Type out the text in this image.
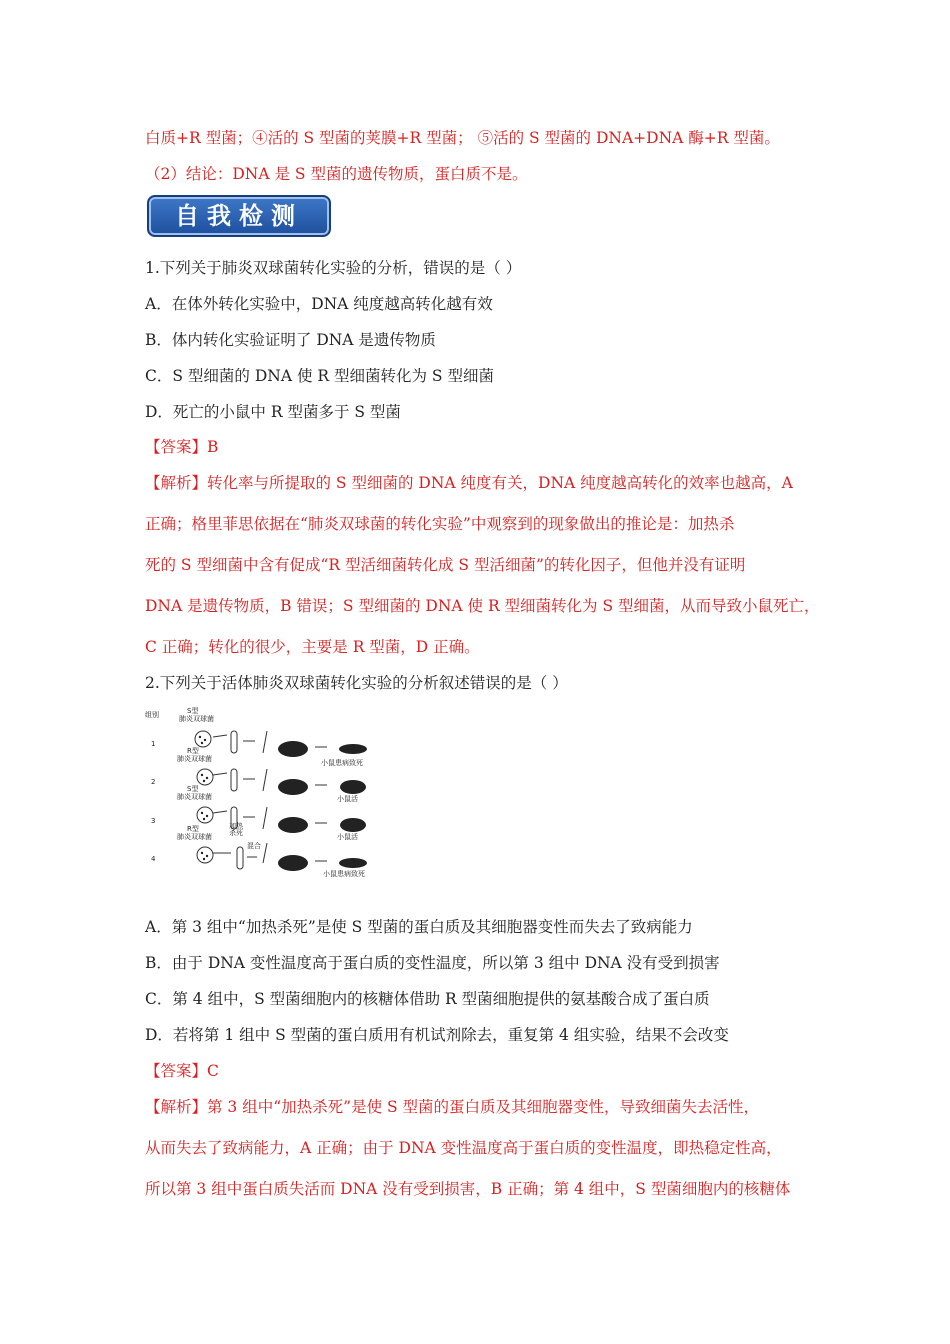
白质+R 型菌；④活的 S 型菌的荚膜+R 型菌； ⑤活的 S 型菌的 DNA+DNA 酶+R 型菌。
（2）结论：DNA 是 S 型菌的遗传物质，蛋白质不是。
自我检测
1.下列关于肺炎双球菌转化实验的分析，错误的是（ ）
A．在体外转化实验中，DNA 纯度越高转化越有效
B．体内转化实验证明了 DNA 是遗传物质
C．S 型细菌的 DNA 使 R 型细菌转化为 S 型细菌
D．死亡的小鼠中 R 型菌多于 S 型菌
【答案】B
【解析】转化率与所提取的 S 型细菌的 DNA 纯度有关，DNA 纯度越高转化的效率也越高，A
正确；格里菲思依据在“肺炎双球菌的转化实验”中观察到的现象做出的推论是：加热杀
死的 S 型细菌中含有促成“R 型活细菌转化成 S 型活细菌”的转化因子，但他并没有证明
DNA 是遗传物质，B 错误；S 型细菌的 DNA 使 R 型细菌转化为 S 型细菌，从而导致小鼠死亡，
C 正确；转化的很少，主要是 R 型菌，D 正确。
2.下列关于活体肺炎双球菌转化实验的分析叙述错误的是（ ）
组别
1
2
3
4
S型
肺炎双球菌
R型
肺炎双球菌
S型
肺炎双球菌
R型
肺炎双球菌
加热
杀死
混合
小鼠患病致死
小鼠活
小鼠活
小鼠患病致死
A．第 3 组中“加热杀死”是使 S 型菌的蛋白质及其细胞器变性而失去了致病能力
B．由于 DNA 变性温度高于蛋白质的变性温度，所以第 3 组中 DNA 没有受到损害
C．第 4 组中，S 型菌细胞内的核糖体借助 R 型菌细胞提供的氨基酸合成了蛋白质
D．若将第 1 组中 S 型菌的蛋白质用有机试剂除去，重复第 4 组实验，结果不会改变
【答案】C
【解析】第 3 组中“加热杀死”是使 S 型菌的蛋白质及其细胞器变性，导致细菌失去活性，
从而失去了致病能力，A 正确；由于 DNA 变性温度高于蛋白质的变性温度，即热稳定性高，
所以第 3 组中蛋白质失活而 DNA 没有受到损害，B 正确；第 4 组中，S 型菌细胞内的核糖体
